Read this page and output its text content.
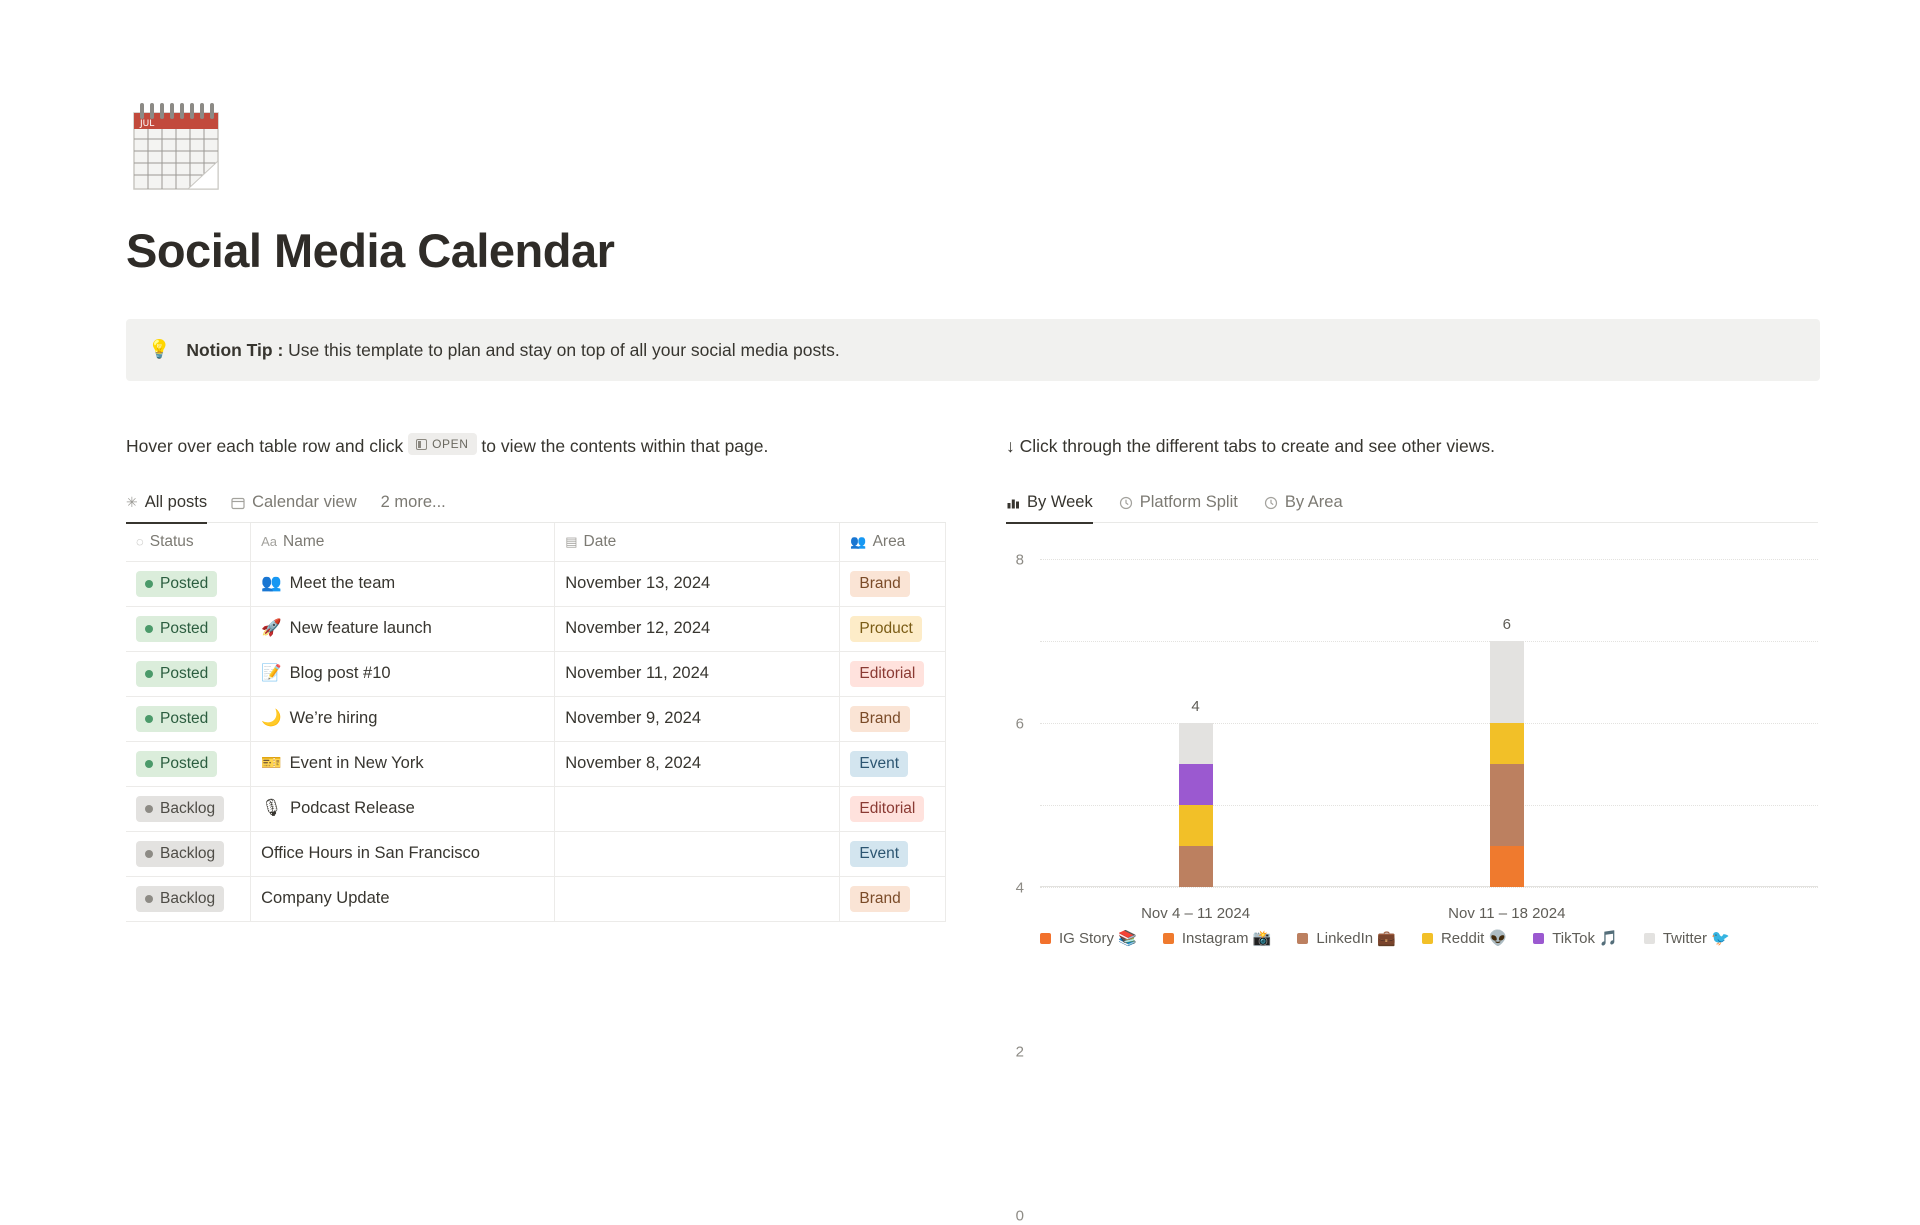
JUL
Social Media Calendar
💡 Notion Tip : Use this template to plan and stay on top of all your social media posts.
Hover over each table row and click OPEN to view the contents within that page.
✳ All posts	Calendar view 2 more...
◌ Status	Aa Name	▤ Date	👥 Area

Posted	👥 Meet the team	November 13, 2024	Brand

Posted	🚀 New feature launch	November 12, 2024	Product

Posted	📝 Blog post #10	November 11, 2024	Editorial

Posted	🌙 We’re hiring	November 9, 2024	Brand

Posted	🎫 Event in New York	November 8, 2024	Event

Backlog	🎙 Podcast Release		Editorial

Backlog	Office Hours in San Francisco		Event

Backlog	Company Update		Brand
↓ Click through the different tabs to create and see other views.
By Week	Platform Split	By Area
0
2
4
6
8
4
Nov 4 – 11 2024
6
Nov 11 – 18 2024
IG Story 📚	Instagram 📸	LinkedIn 💼	Reddit 👽	TikTok 🎵	Twitter 🐦
